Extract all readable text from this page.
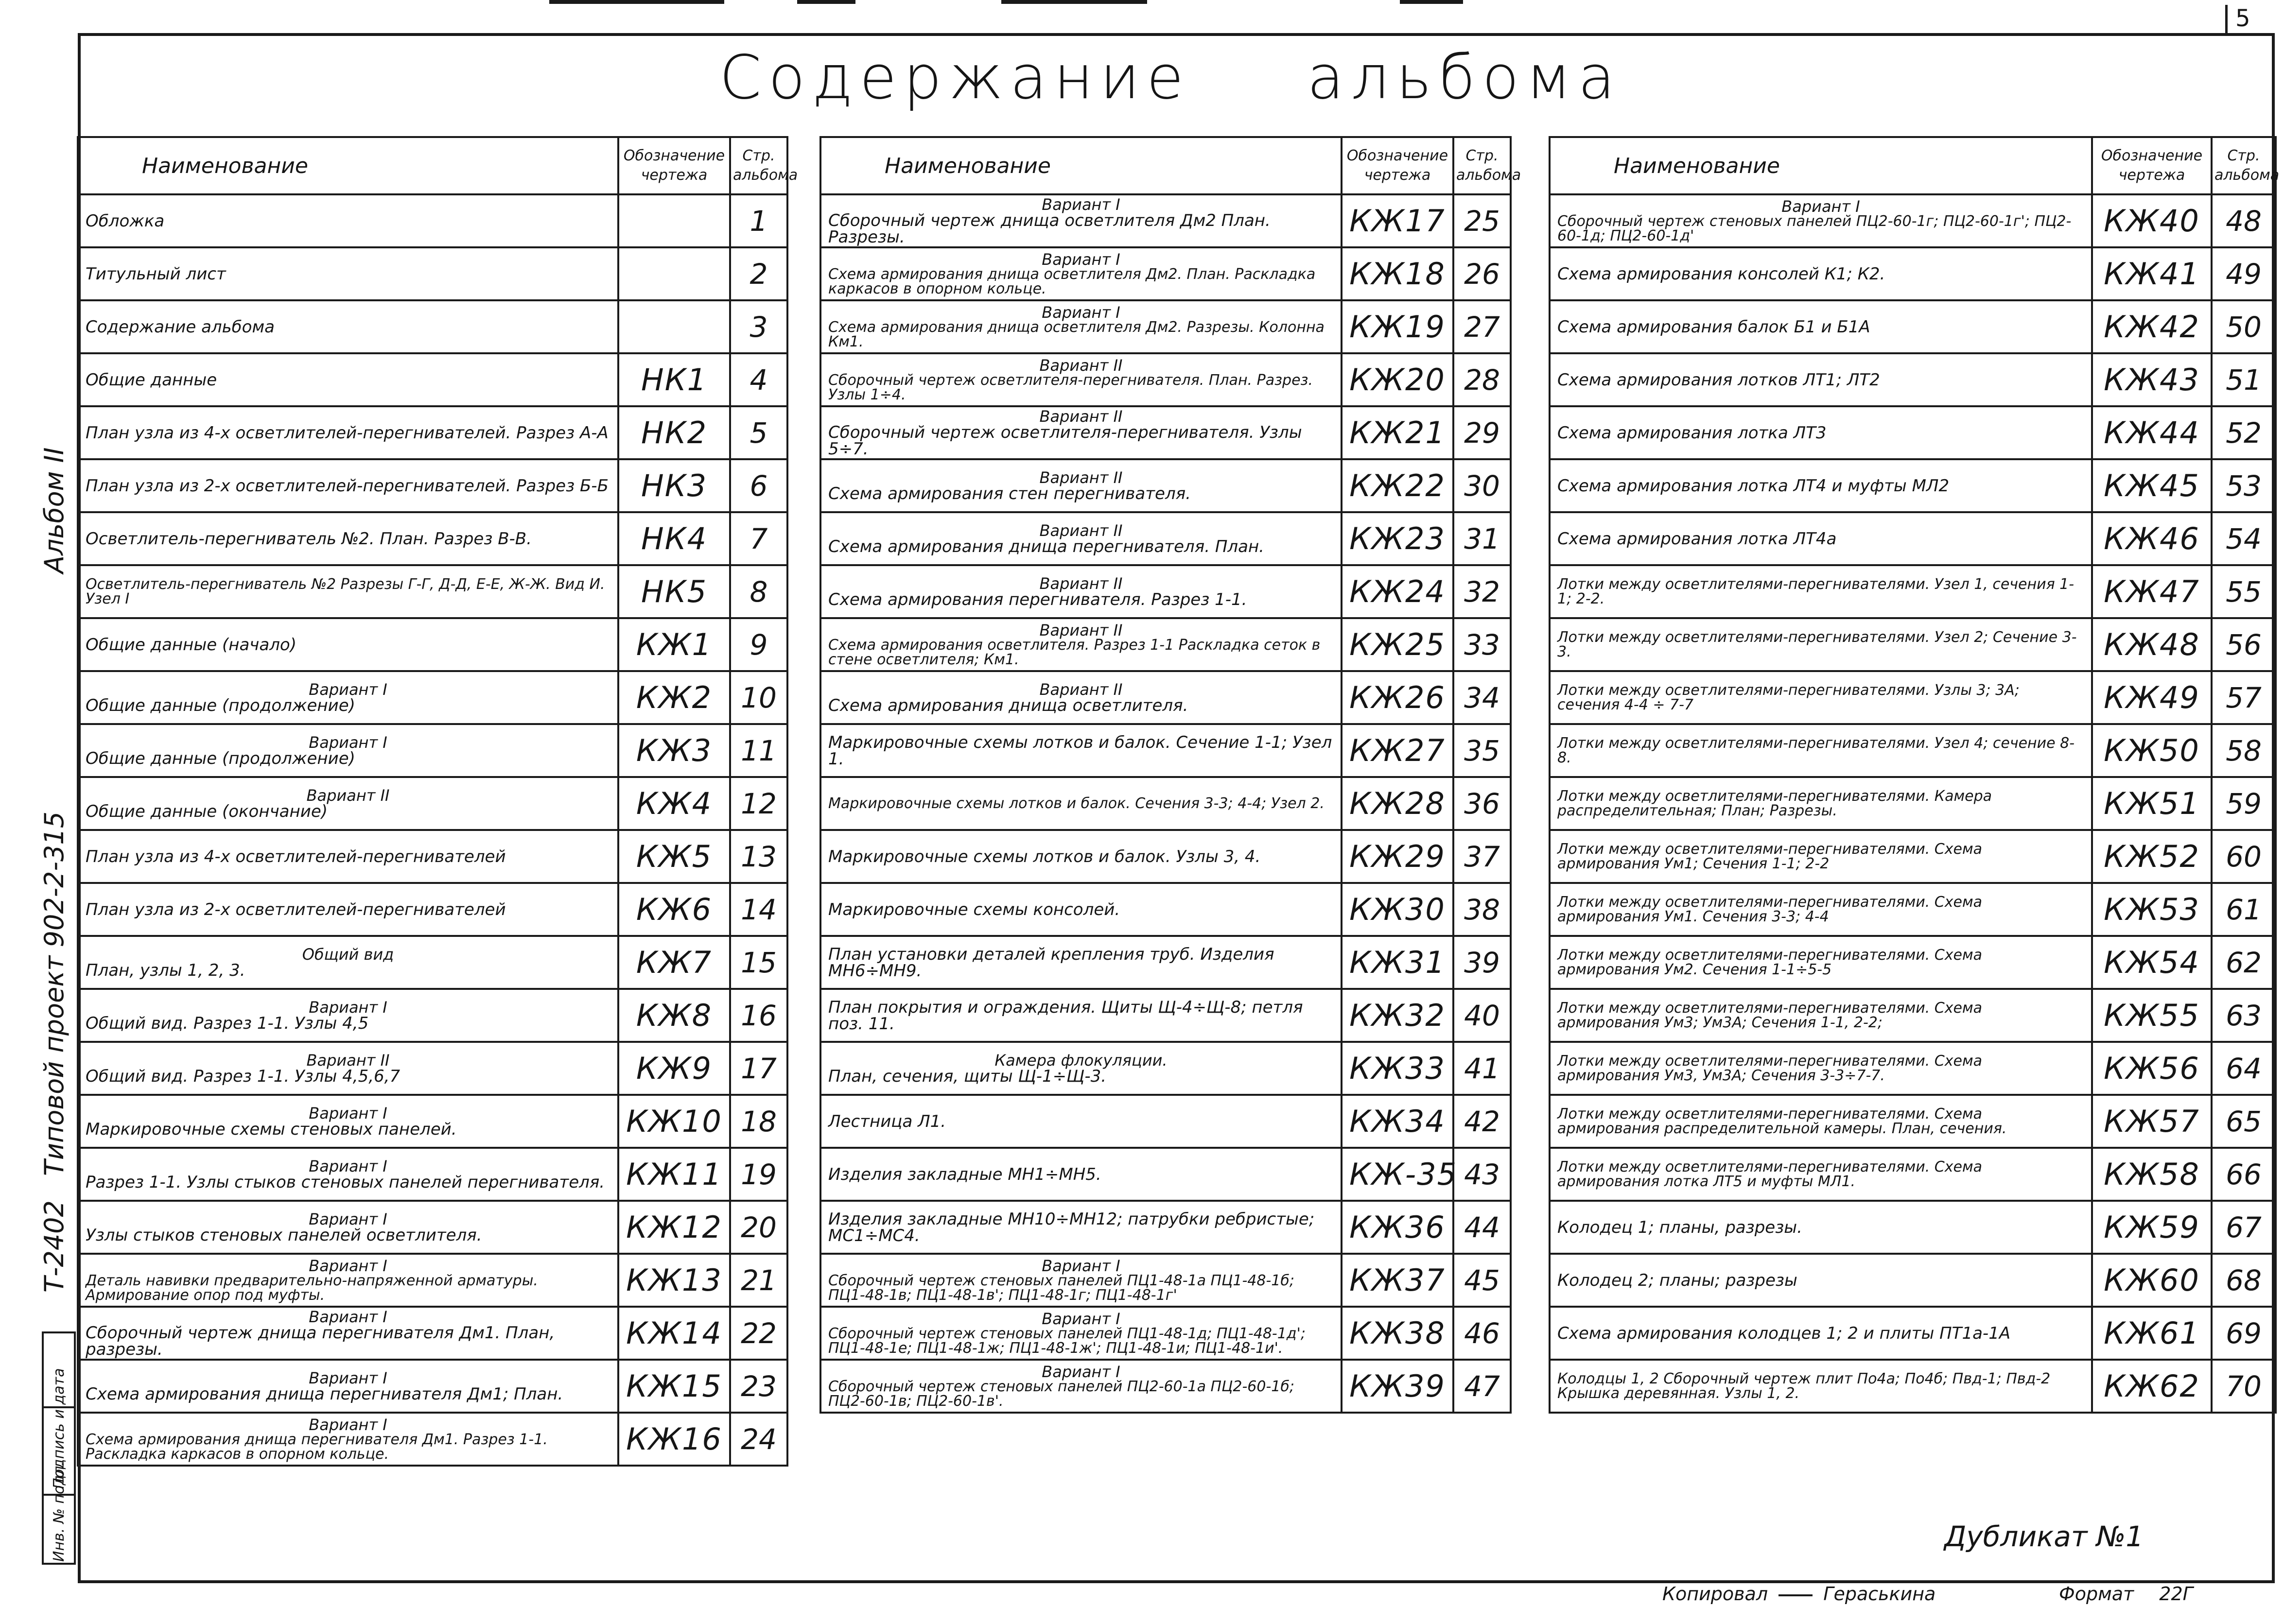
5
Содержание альбома
Альбом II
Типовой проект 902-2-315
Т-2402
Инв. № подл.
Подпись и дата
Наименование	Обозначение чертежа	Стр. альбома

Обложка		1

Титульный лист		2

Содержание альбома		3

Общие данные	НК1	4

План узла из 4-х осветлителей-перегнивателей. Разрез А-А	НК2	5

План узла из 2-х осветлителей-перегнивателей. Разрез Б-Б	НК3	6

Осветлитель-перегниватель №2. План. Разрез В-В.	НК4	7

Осветлитель-перегниватель №2 Разрезы Г-Г, Д-Д, Е-Е, Ж-Ж. Вид И. Узел I	НК5	8

Общие данные (начало)	КЖ1	9

Вариант I
Общие данные (продолжение)	КЖ2	10

Вариант I
Общие данные (продолжение)	КЖ3	11

Вариант II
Общие данные (окончание)	КЖ4	12

План узла из 4-х осветлителей-перегнивателей	КЖ5	13

План узла из 2-х осветлителей-перегнивателей	КЖ6	14

Общий вид
План, узлы 1, 2, 3.	КЖ7	15

Вариант I
Общий вид. Разрез 1-1. Узлы 4,5	КЖ8	16

Вариант II
Общий вид. Разрез 1-1. Узлы 4,5,6,7	КЖ9	17

Вариант I
Маркировочные схемы стеновых панелей.	КЖ10	18

Вариант I
Разрез 1-1. Узлы стыков стеновых панелей перегнивателя.	КЖ11	19

Вариант I
Узлы стыков стеновых панелей осветлителя.	КЖ12	20

Вариант I
Деталь навивки предварительно-напряженной арматуры. Армирование опор под муфты.	КЖ13	21

Вариант I
Сборочный чертеж днища перегнивателя Дм1. План, разрезы.	КЖ14	22

Вариант I
Схема армирования днища перегнивателя Дм1; План.	КЖ15	23

Вариант I
Схема армирования днища перегнивателя Дм1. Разрез 1-1. Раскладка каркасов в опорном кольце.	КЖ16	24
Наименование	Обозначение чертежа	Стр. альбома

Вариант I
Сборочный чертеж днища осветлителя Дм2 План. Разрезы.	КЖ17	25

Вариант I
Схема армирования днища осветлителя Дм2. План. Раскладка каркасов в опорном кольце.	КЖ18	26

Вариант I
Схема армирования днища осветлителя Дм2. Разрезы. Колонна Км1.	КЖ19	27

Вариант II
Сборочный чертеж осветлителя-перегнивателя. План. Разрез. Узлы 1÷4.	КЖ20	28

Вариант II
Сборочный чертеж осветлителя-перегнивателя. Узлы 5÷7.	КЖ21	29

Вариант II
Схема армирования стен перегнивателя.	КЖ22	30

Вариант II
Схема армирования днища перегнивателя. План.	КЖ23	31

Вариант II
Схема армирования перегнивателя. Разрез 1-1.	КЖ24	32

Вариант II
Схема армирования осветлителя. Разрез 1-1 Раскладка сеток в стене осветлителя; Км1.	КЖ25	33

Вариант II
Схема армирования днища осветлителя.	КЖ26	34

Маркировочные схемы лотков и балок. Сечение 1-1; Узел 1.	КЖ27	35

Маркировочные схемы лотков и балок. Сечения 3-3; 4-4; Узел 2.	КЖ28	36

Маркировочные схемы лотков и балок. Узлы 3, 4.	КЖ29	37

Маркировочные схемы консолей.	КЖ30	38

План установки деталей крепления труб. Изделия МН6÷МН9.	КЖ31	39

План покрытия и ограждения. Щиты Щ-4÷Щ-8; петля поз. 11.	КЖ32	40

Камера флокуляции.
План, сечения, щиты Щ-1÷Щ-3.	КЖ33	41

Лестница Л1.	КЖ34	42

Изделия закладные МН1÷МН5.	КЖ-35	43

Изделия закладные МН10÷МН12; патрубки ребристые; МС1÷МС4.	КЖ36	44

Вариант I
Сборочный чертеж стеновых панелей ПЦ1-48-1а ПЦ1-48-1б; ПЦ1-48-1в; ПЦ1-48-1в'; ПЦ1-48-1г; ПЦ1-48-1г'	КЖ37	45

Вариант I
Сборочный чертеж стеновых панелей ПЦ1-48-1д; ПЦ1-48-1д'; ПЦ1-48-1е; ПЦ1-48-1ж; ПЦ1-48-1ж'; ПЦ1-48-1и; ПЦ1-48-1и'.	КЖ38	46

Вариант I
Сборочный чертеж стеновых панелей ПЦ2-60-1а ПЦ2-60-1б; ПЦ2-60-1в; ПЦ2-60-1в'.	КЖ39	47
Наименование	Обозначение чертежа	Стр. альбома

Вариант I
Сборочный чертеж стеновых панелей ПЦ2-60-1г; ПЦ2-60-1г'; ПЦ2-60-1д; ПЦ2-60-1д'	КЖ40	48

Схема армирования консолей К1; К2.	КЖ41	49

Схема армирования балок Б1 и Б1А	КЖ42	50

Схема армирования лотков ЛТ1; ЛТ2	КЖ43	51

Схема армирования лотка ЛТ3	КЖ44	52

Схема армирования лотка ЛТ4 и муфты МЛ2	КЖ45	53

Схема армирования лотка ЛТ4а	КЖ46	54

Лотки между осветлителями-перегнивателями. Узел 1, сечения 1-1; 2-2.	КЖ47	55

Лотки между осветлителями-перегнивателями. Узел 2; Сечение 3-3.	КЖ48	56

Лотки между осветлителями-перегнивателями. Узлы 3; 3А; сечения 4-4 ÷ 7-7	КЖ49	57

Лотки между осветлителями-перегнивателями. Узел 4; сечение 8-8.	КЖ50	58

Лотки между осветлителями-перегнивателями. Камера распределительная; План; Разрезы.	КЖ51	59

Лотки между осветлителями-перегнивателями. Схема армирования Ум1; Сечения 1-1; 2-2	КЖ52	60

Лотки между осветлителями-перегнивателями. Схема армирования Ум1. Сечения 3-3; 4-4	КЖ53	61

Лотки между осветлителями-перегнивателями. Схема армирования Ум2. Сечения 1-1÷5-5	КЖ54	62

Лотки между осветлителями-перегнивателями. Схема армирования Ум3; Ум3А; Сечения 1-1, 2-2;	КЖ55	63

Лотки между осветлителями-перегнивателями. Схема армирования Ум3, Ум3А; Сечения 3-3÷7-7.	КЖ56	64

Лотки между осветлителями-перегнивателями. Схема армирования распределительной камеры. План, сечения.	КЖ57	65

Лотки между осветлителями-перегнивателями. Схема армирования лотка ЛТ5 и муфты МЛ1.	КЖ58	66

Колодец 1; планы, разрезы.	КЖ59	67

Колодец 2; планы; разрезы	КЖ60	68

Схема армирования колодцев 1; 2 и плиты ПТ1а-1А	КЖ61	69

Колодцы 1, 2 Сборочный чертеж плит По4а; По4б; Пвд-1; Пвд-2 Крышка деревянная. Узлы 1, 2.	КЖ62	70
Дубликат №1
Копировал	Гераськина	Формат 22Г
